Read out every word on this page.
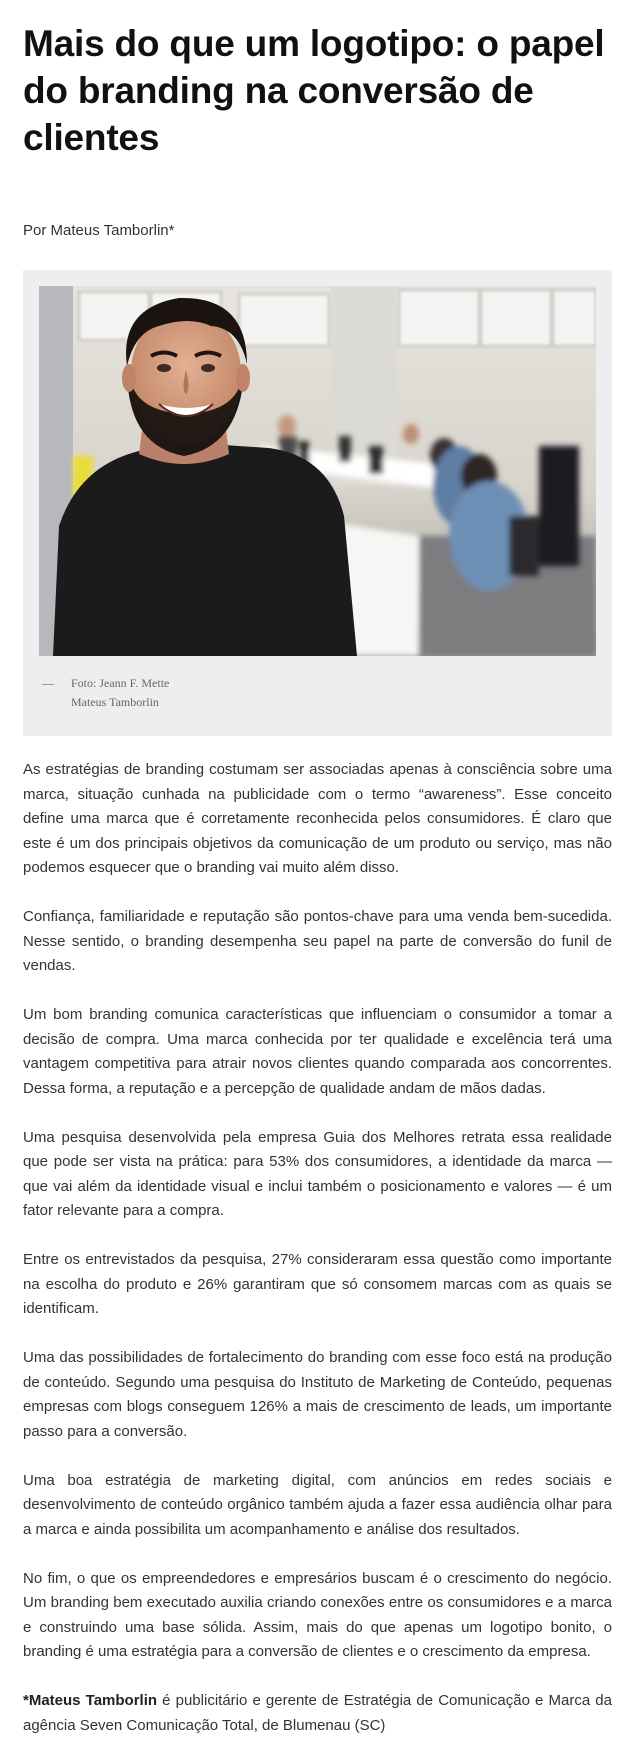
Mais do que um logotipo: o papel do branding na conversão de clientes

Por Mateus Tamborlin*

—	Foto: Jeann F. Mette
Mateus Tamborlin

As estratégias de branding costumam ser associadas apenas à consciência sobre uma marca, situação cunhada na publicidade com o termo “awareness”. Esse conceito define uma marca que é corretamente reconhecida pelos consumidores. É claro que este é um dos principais objetivos da comunicação de um produto ou serviço, mas não podemos esquecer que o branding vai muito além disso.

Confiança, familiaridade e reputação são pontos-chave para uma venda bem-sucedida. Nesse sentido, o branding desempenha seu papel na parte de conversão do funil de vendas.

Um bom branding comunica características que influenciam o consumidor a tomar a decisão de compra. Uma marca conhecida por ter qualidade e excelência terá uma vantagem competitiva para atrair novos clientes quando comparada aos concorrentes. Dessa forma, a reputação e a percepção de qualidade andam de mãos dadas.

Uma pesquisa desenvolvida pela empresa Guia dos Melhores retrata essa realidade que pode ser vista na prática: para 53% dos consumidores, a identidade da marca — que vai além da identidade visual e inclui também o posicionamento e valores — é um fator relevante para a compra.

Entre os entrevistados da pesquisa, 27% consideraram essa questão como importante na escolha do produto e 26% garantiram que só consomem marcas com as quais se identificam.

Uma das possibilidades de fortalecimento do branding com esse foco está na produção de conteúdo. Segundo uma pesquisa do Instituto de Marketing de Conteúdo, pequenas empresas com blogs conseguem 126% a mais de crescimento de leads, um importante passo para a conversão.

Uma boa estratégia de marketing digital, com anúncios em redes sociais e desenvolvimento de conteúdo orgânico também ajuda a fazer essa audiência olhar para a marca e ainda possibilita um acompanhamento e análise dos resultados.

No fim, o que os empreendedores e empresários buscam é o crescimento do negócio. Um branding bem executado auxilia criando conexões entre os consumidores e a marca e construindo uma base sólida. Assim, mais do que apenas um logotipo bonito, o branding é uma estratégia para a conversão de clientes e o crescimento da empresa.

*Mateus Tamborlin é publicitário e gerente de Estratégia de Comunicação e Marca da agência Seven Comunicação Total, de Blumenau (SC)
